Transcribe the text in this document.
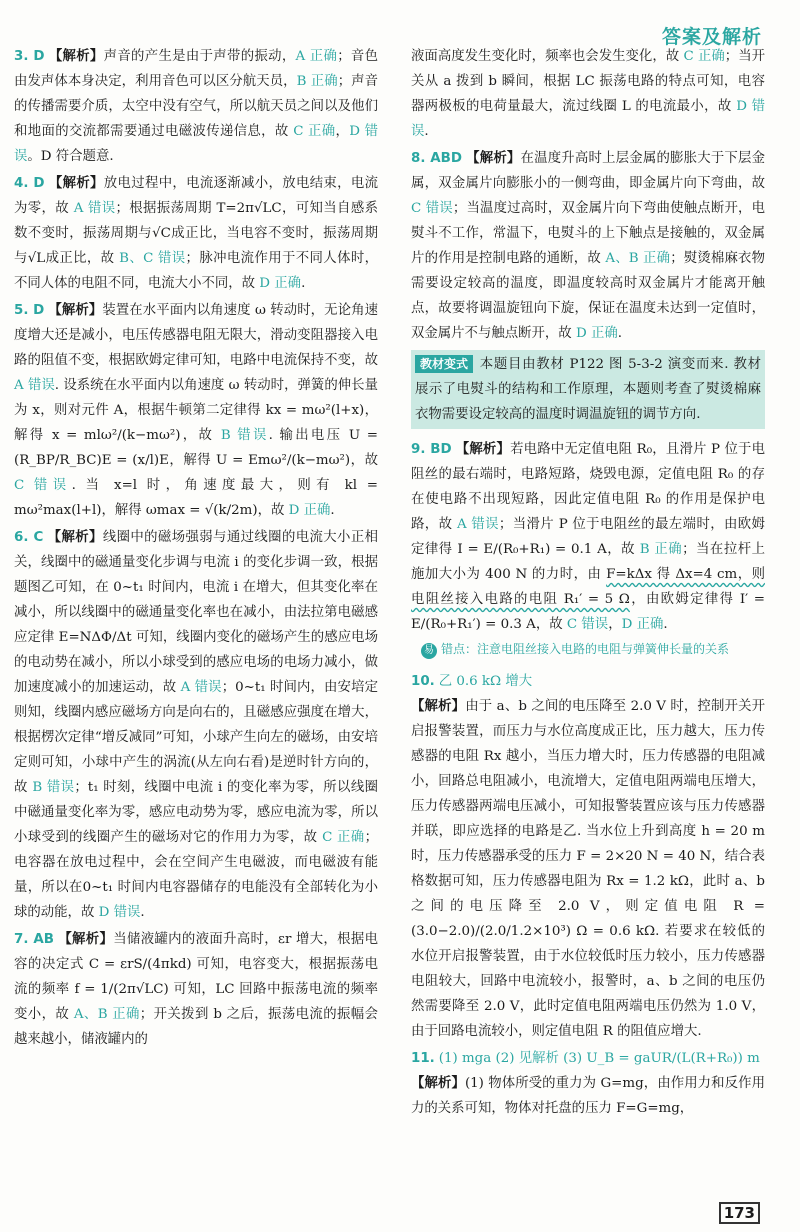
答案及解析
3. D 【解析】声音的产生是由于声带的振动，A 正确；音色由发声体本身决定，利用音色可以区分航天员，B 正确；声音的传播需要介质，太空中没有空气，所以航天员之间以及他们和地面的交流都需要通过电磁波传递信息，故 C 正确，D 错误。D 符合题意.
4. D 【解析】放电过程中，电流逐渐减小，放电结束，电流为零，故 A 错误；根据振荡周期 T=2π√LC，可知当自感系数不变时，振荡周期与√C成正比，当电容不变时，振荡周期与√L成正比，故 B、C 错误；脉冲电流作用于不同人体时，不同人体的电阻不同，电流大小不同，故 D 正确.
5. D 【解析】装置在水平面内以角速度 ω 转动时，无论角速度增大还是减小，电压传感器电阻无限大，滑动变阻器接入电路的阻值不变，根据欧姆定律可知，电路中电流保持不变，故 A 错误. 设系统在水平面内以角速度 ω 转动时，弹簧的伸长量为 x，则对元件 A，根据牛顿第二定律得 kx = mω²(l+x)，解得 x = mlω²/(k−mω²)，故 B 错误. 输出电压 U = (R_BP/R_BC)E = (x/l)E，解得 U = Emω²/(k−mω²)，故 C 错误. 当 x=l 时，角速度最大，则有 kl = mω²max(l+l)，解得 ωmax = √(k/2m)，故 D 正确.
6. C 【解析】线圈中的磁场强弱与通过线圈的电流大小正相关，线圈中的磁通量变化步调与电流 i 的变化步调一致，根据题图乙可知，在 0~t₁ 时间内，电流 i 在增大，但其变化率在减小，所以线圈中的磁通量变化率也在减小，由法拉第电磁感应定律 E=NΔΦ/Δt 可知，线圈内变化的磁场产生的感应电场的电动势在减小，所以小球受到的感应电场的电场力减小，做加速度减小的加速运动，故 A 错误；0~t₁ 时间内，由安培定则知，线圈内感应磁场方向是向右的，且磁感应强度在增大，根据楞次定律“增反减同”可知，小球产生向左的磁场，由安培定则可知，小球中产生的涡流(从左向右看)是逆时针方向的，故 B 错误；t₁ 时刻，线圈中电流 i 的变化率为零，所以线圈中磁通量变化率为零，感应电动势为零，感应电流为零，所以小球受到的线圈产生的磁场对它的作用力为零，故 C 正确；电容器在放电过程中，会在空间产生电磁波，而电磁波有能量，所以在0~t₁ 时间内电容器储存的电能没有全部转化为小球的动能，故 D 错误.
7. AB 【解析】当储液罐内的液面升高时，εr 增大，根据电容的决定式 C = εrS/(4πkd) 可知，电容变大，根据振荡电流的频率 f = 1/(2π√LC) 可知，LC 回路中振荡电流的频率变小，故 A、B 正确；开关拨到 b 之后，振荡电流的振幅会越来越小，储液罐内的
液面高度发生变化时，频率也会发生变化，故 C 正确；当开关从 a 拨到 b 瞬间，根据 LC 振荡电路的特点可知，电容器两极板的电荷量最大，流过线圈 L 的电流最小，故 D 错误.
8. ABD 【解析】在温度升高时上层金属的膨胀大于下层金属，双金属片向膨胀小的一侧弯曲，即金属片向下弯曲，故 C 错误；当温度过高时，双金属片向下弯曲使触点断开，电熨斗不工作，常温下，电熨斗的上下触点是接触的，双金属片的作用是控制电路的通断，故 A、B 正确；熨烫棉麻衣物需要设定较高的温度，即温度较高时双金属片才能离开触点，故要将调温旋钮向下旋，保证在温度未达到一定值时，双金属片不与触点断开，故 D 正确.
教材变式 本题目由教材 P122 图 5-3-2 演变而来. 教材展示了电熨斗的结构和工作原理，本题则考查了熨烫棉麻衣物需要设定较高的温度时调温旋钮的调节方向.
9. BD 【解析】若电路中无定值电阻 R₀，且滑片 P 位于电阻丝的最右端时，电路短路，烧毁电源，定值电阻 R₀ 的存在使电路不出现短路，因此定值电阻 R₀ 的作用是保护电路，故 A 错误；当滑片 P 位于电阻丝的最左端时，由欧姆定律得 I = E/(R₀+R₁) = 0.1 A，故 B 正确；当在拉杆上施加大小为 400 N 的力时，由 F=kΔx 得 Δx=4 cm，则电阻丝接入电路的电阻 R₁′ = 5 Ω，由欧姆定律得 I′ = E/(R₀+R₁′) = 0.3 A，故 C 错误，D 正确.
易 错点：注意电阻丝接入电路的电阻与弹簧伸长量的关系
10. 乙 0.6 kΩ 增大
【解析】由于 a、b 之间的电压降至 2.0 V 时，控制开关开启报警装置，而压力与水位高度成正比，压力越大，压力传感器的电阻 Rx 越小，当压力增大时，压力传感器的电阻减小，回路总电阻减小，电流增大，定值电阻两端电压增大，压力传感器两端电压减小，可知报警装置应该与压力传感器并联，即应选择的电路是乙. 当水位上升到高度 h = 20 m 时，压力传感器承受的压力 F = 2×20 N = 40 N，结合表格数据可知，压力传感器电阻为 Rx = 1.2 kΩ，此时 a、b 之间的电压降至 2.0 V，则定值电阻 R = (3.0−2.0)/(2.0/1.2×10³) Ω = 0.6 kΩ. 若要求在较低的水位开启报警装置，由于水位较低时压力较小，压力传感器电阻较大，回路中电流较小，报警时，a、b 之间的电压仍然需要降至 2.0 V，此时定值电阻两端电压仍然为 1.0 V，由于回路电流较小，则定值电阻 R 的阻值应增大.
11. (1) mga (2) 见解析 (3) U_B = gaUR/(L(R+R₀)) m
【解析】(1) 物体所受的重力为 G=mg，由作用力和反作用力的关系可知，物体对托盘的压力 F=G=mg，
173
